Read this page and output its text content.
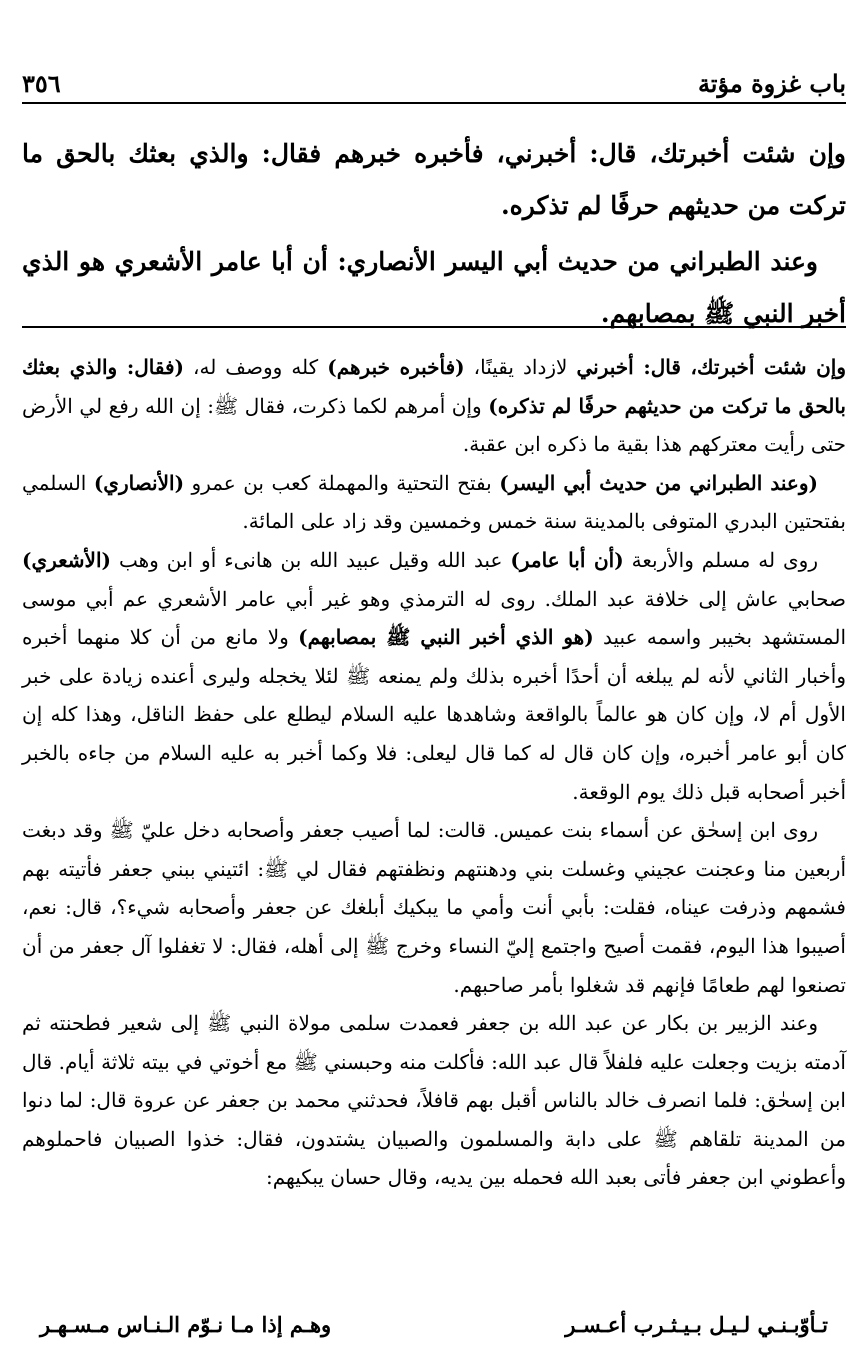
باب غزوة مؤتة
٣٥٦

وإن شئت أخبرتك، قال: أخبرني، فأخبره خبرهم فقال: والذي بعثك بالحق ما تركت من حديثهم حرفًا لم تذكره.

وعند الطبراني من حديث أبي اليسر الأنصاري: أن أبا عامر الأشعري هو الذي أخبر النبي ﷺ بمصابهم.

وإن شئت أخبرتك، قال: أخبرني لازداد يقينًا، (فأخبره خبرهم) كله ووصف له، (فقال: والذي بعثك بالحق ما تركت من حديثهم حرفًا لم تذكره) وإن أمرهم لكما ذكرت، فقال ﷺ: إن الله رفع لي الأرض حتى رأيت معتركهم هذا بقية ما ذكره ابن عقبة.

(وعند الطبراني من حديث أبي اليسر) بفتح التحتية والمهملة كعب بن عمرو (الأنصاري) السلمي بفتحتين البدري المتوفى بالمدينة سنة خمس وخمسين وقد زاد على المائة.

روى له مسلم والأربعة (أن أبا عامر) عبد الله وقيل عبيد الله بن هانىء أو ابن وهب (الأشعري) صحابي عاش إلى خلافة عبد الملك. روى له الترمذي وهو غير أبي عامر الأشعري عم أبي موسى المستشهد بخيبر واسمه عبيد (هو الذي أخبر النبي ﷺ بمصابهم) ولا مانع من أن كلا منهما أخبره وأخبار الثاني لأنه لم يبلغه أن أحدًا أخبره بذلك ولم يمنعه ﷺ لئلا يخجله وليرى أعنده زيادة على خبر الأول أم لا، وإن كان هو عالماً بالواقعة وشاهدها عليه السلام ليطلع على حفظ الناقل، وهذا كله إن كان أبو عامر أخبره، وإن كان قال له كما قال ليعلى: فلا وكما أخبر به عليه السلام من جاءه بالخبر أخبر أصحابه قبل ذلك يوم الوقعة.

روى ابن إسحٰق عن أسماء بنت عميس. قالت: لما أصيب جعفر وأصحابه دخل عليّ ﷺ وقد دبغت أربعين منا وعجنت عجيني وغسلت بني ودهنتهم ونظفتهم فقال لي ﷺ: ائتيني ببني جعفر فأتيته بهم فشمهم وذرفت عيناه، فقلت: بأبي أنت وأمي ما يبكيك أبلغك عن جعفر وأصحابه شيء؟، قال: نعم، أصيبوا هذا اليوم، فقمت أصيح واجتمع إليّ النساء وخرج ﷺ إلى أهله، فقال: لا تغفلوا آل جعفر من أن تصنعوا لهم طعامًا فإنهم قد شغلوا بأمر صاحبهم.

وعند الزبير بن بكار عن عبد الله بن جعفر فعمدت سلمى مولاة النبي ﷺ إلى شعير فطحنته ثم آدمته بزيت وجعلت عليه فلفلاً قال عبد الله: فأكلت منه وحبسني ﷺ مع أخوتي في بيته ثلاثة أيام. قال ابن إسحٰق: فلما انصرف خالد بالناس أقبل بهم قافلاً، فحدثني محمد بن جعفر عن عروة قال: لما دنوا من المدينة تلقاهم ﷺ على دابة والمسلمون والصبيان يشتدون، فقال: خذوا الصبيان فاحملوهم وأعطوني ابن جعفر فأتى بعبد الله فحمله بين يديه، وقال حسان يبكيهم:

تـأوّبـنـي لـيـل بـيـثـرب أعـسـر
وهـم إذا مـا نـوّم الـنـاس مـسـهـر
